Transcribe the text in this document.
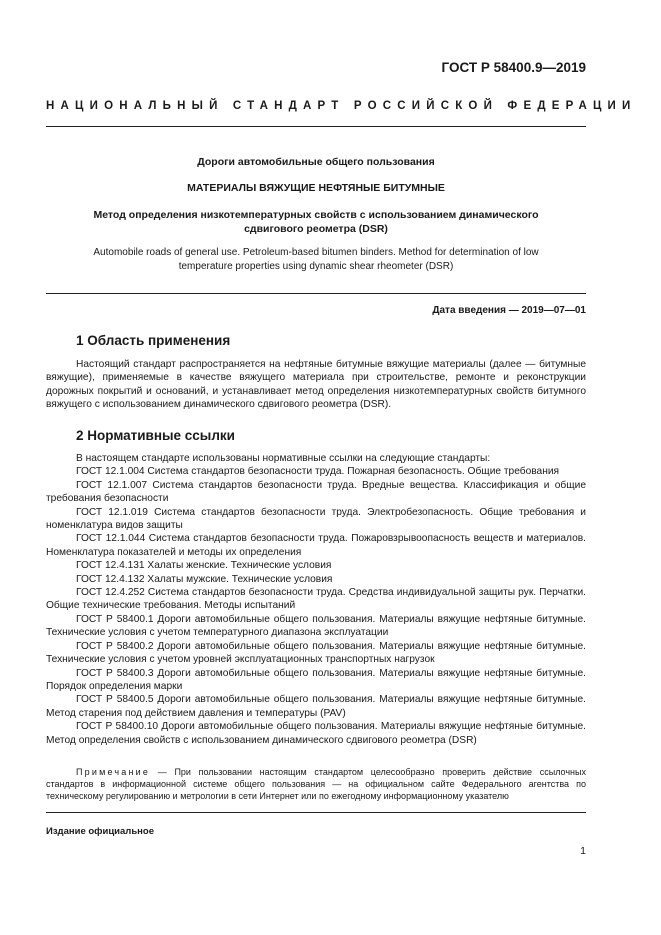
ГОСТ Р 58400.9—2019
НАЦИОНАЛЬНЫЙ СТАНДАРТ РОССИЙСКОЙ ФЕДЕРАЦИИ
Дороги автомобильные общего пользования
МАТЕРИАЛЫ ВЯЖУЩИЕ НЕФТЯНЫЕ БИТУМНЫЕ
Метод определения низкотемпературных свойств с использованием динамического сдвигового реометра (DSR)
Automobile roads of general use. Petroleum-based bitumen binders. Method for determination of low temperature properties using dynamic shear rheometer (DSR)
Дата введения — 2019—07—01
1 Область применения

Настоящий стандарт распространяется на нефтяные битумные вяжущие материалы (далее — битумные вяжущие), применяемые в качестве вяжущего материала при строительстве, ремонте и реконструкции дорожных покрытий и оснований, и устанавливает метод определения низкотемпературных свойств битумного вяжущего с использованием динамического сдвигового реометра (DSR).

2 Нормативные ссылки

В настоящем стандарте использованы нормативные ссылки на следующие стандарты:

ГОСТ 12.1.004 Система стандартов безопасности труда. Пожарная безопасность. Общие требования

ГОСТ 12.1.007 Система стандартов безопасности труда. Вредные вещества. Классификация и общие требования безопасности

ГОСТ 12.1.019 Система стандартов безопасности труда. Электробезопасность. Общие требования и номенклатура видов защиты

ГОСТ 12.1.044 Система стандартов безопасности труда. Пожаровзрывоопасность веществ и материалов. Номенклатура показателей и методы их определения

ГОСТ 12.4.131 Халаты женские. Технические условия

ГОСТ 12.4.132 Халаты мужские. Технические условия

ГОСТ 12.4.252 Система стандартов безопасности труда. Средства индивидуальной защиты рук. Перчатки. Общие технические требования. Методы испытаний

ГОСТ Р 58400.1 Дороги автомобильные общего пользования. Материалы вяжущие нефтяные битумные. Технические условия с учетом температурного диапазона эксплуатации

ГОСТ Р 58400.2 Дороги автомобильные общего пользования. Материалы вяжущие нефтяные битумные. Технические условия с учетом уровней эксплуатационных транспортных нагрузок

ГОСТ Р 58400.3 Дороги автомобильные общего пользования. Материалы вяжущие нефтяные битумные. Порядок определения марки

ГОСТ Р 58400.5 Дороги автомобильные общего пользования. Материалы вяжущие нефтяные битумные. Метод старения под действием давления и температуры (PAV)

ГОСТ Р 58400.10 Дороги автомобильные общего пользования. Материалы вяжущие нефтяные битумные. Метод определения свойств с использованием динамического сдвигового реометра (DSR)

Примечание — При пользовании настоящим стандартом целесообразно проверить действие ссылочных стандартов в информационной системе общего пользования — на официальном сайте Федерального агентства по техническому регулированию и метрологии в сети Интернет или по ежегодному информационному указателю
Издание официальное
1
